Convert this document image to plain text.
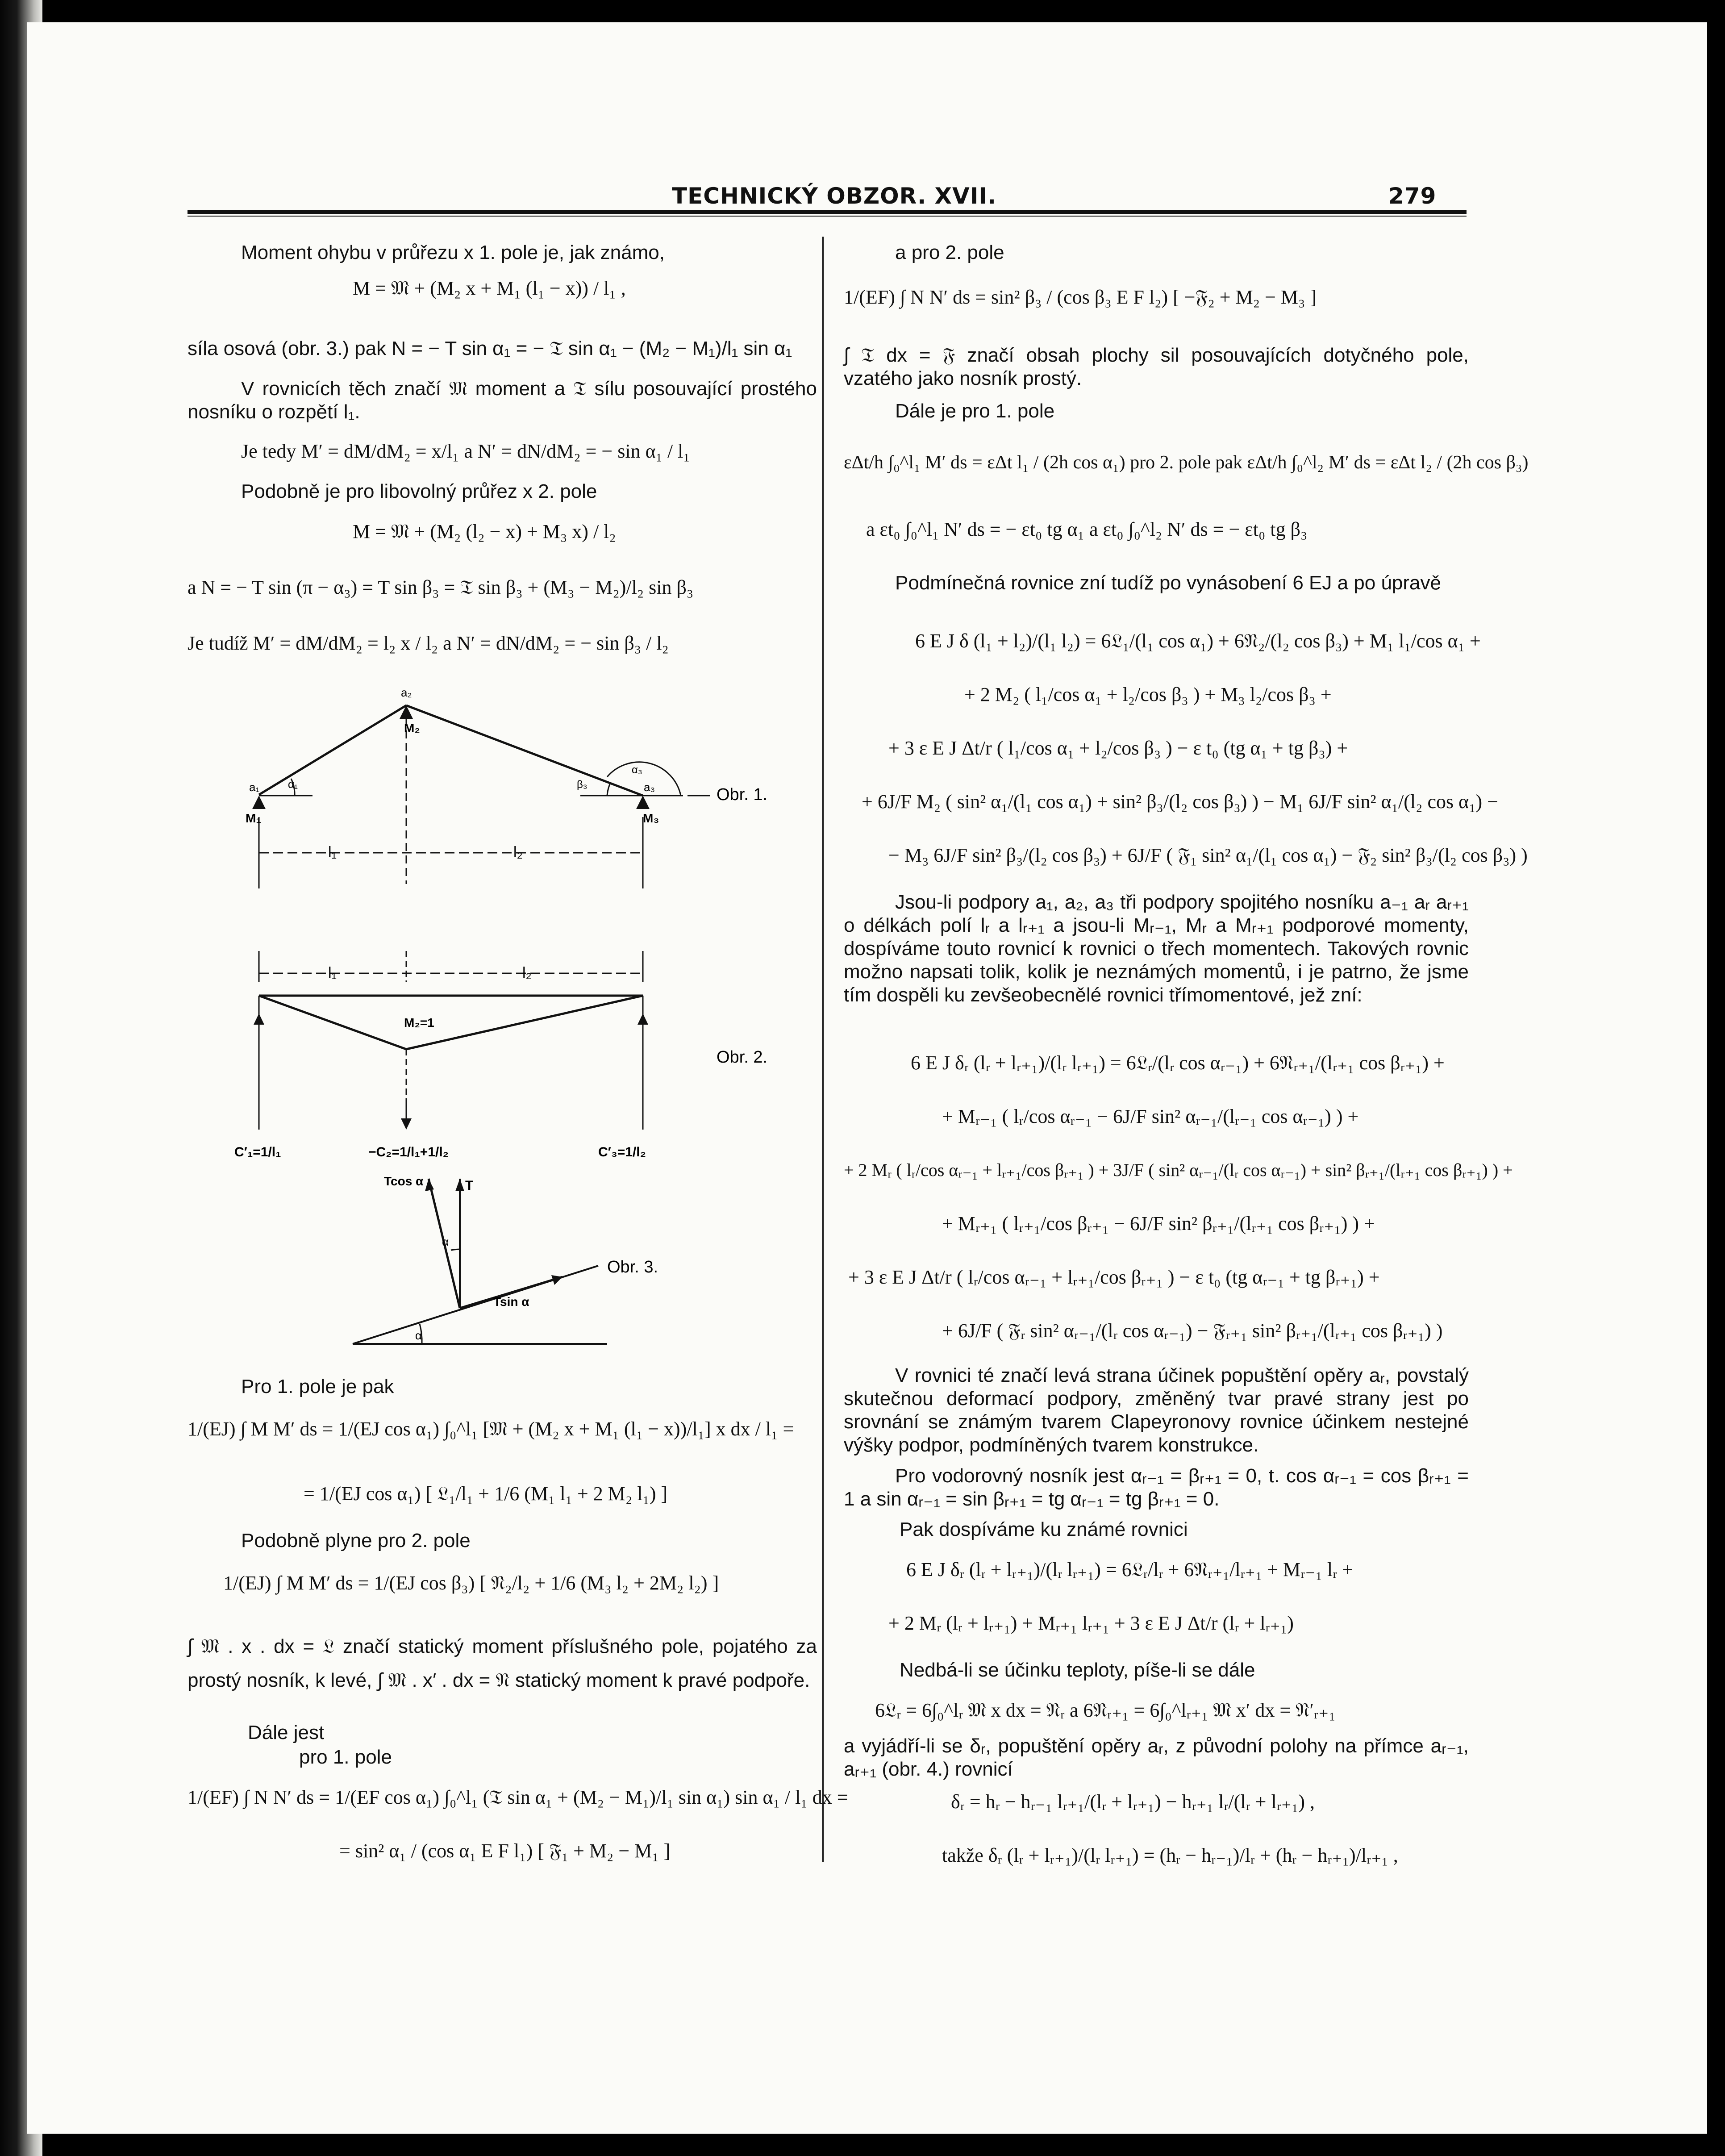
TECHNICKÝ OBZOR. XVII.	279
Moment ohybu v průřezu x 1. pole je, jak známo,
M = 𝔐 + (M₂ x + M₁ (l₁ − x)) / l₁ ,
síla osová (obr. 3.) pak N = − T sin α₁ = − 𝔗 sin α₁ − (M₂ − M₁)/l₁ sin α₁
V rovnicích těch značí 𝔐 moment a 𝔗 sílu posouvající prostého nosníku o rozpětí l₁.
Je tedy M′ = dM/dM₂ = x/l₁ a N′ = dN/dM₂ = − sin α₁ / l₁
Podobně je pro libovolný průřez x 2. pole
M = 𝔐 + (M₂ (l₂ − x) + M₃ x) / l₂
a N = − T sin (π − α₃) = T sin β₃ = 𝔗 sin β₃ + (M₃ − M₂)/l₂ sin β₃
Je tudíž M′ = dM/dM₂ = l₂ x / l₂ a N′ = dN/dM₂ = − sin β₃ / l₂
a₁
M₁
a₂
M₂
a₃
M₃
α₁	β₃
α₃
l₁	l₂
Obr. 1.
l₁	l₂
M₂=1
C′₁=1/l₁	−C₂=1/l₁+1/l₂	C′₃=1/l₂
Obr. 2.
Tcos α	T
Tsin α
α
α
Obr. 3.
Pro 1. pole je pak
1/(EJ) ∫ M M′ ds = 1/(EJ cos α₁) ∫₀^l₁ [𝔐 + (M₂ x + M₁ (l₁ − x))/l₁] x dx / l₁ =
= 1/(EJ cos α₁) [ 𝔏₁/l₁ + 1/6 (M₁ l₁ + 2 M₂ l₁) ]
Podobně plyne pro 2. pole
1/(EJ) ∫ M M′ ds = 1/(EJ cos β₃) [ 𝔑₂/l₂ + 1/6 (M₃ l₂ + 2M₂ l₂) ]
∫ 𝔐 . x . dx = 𝔏 značí statický moment příslušného pole, pojatého za prostý nosník, k levé, ∫ 𝔐 . x′ . dx = 𝔑 statický moment k pravé podpoře.
Dále jest
pro 1. pole
1/(EF) ∫ N N′ ds = 1/(EF cos α₁) ∫₀^l₁ (𝔗 sin α₁ + (M₂ − M₁)/l₁ sin α₁) sin α₁ / l₁ dx =
= sin² α₁ / (cos α₁ E F l₁) [ 𝔉₁ + M₂ − M₁ ]
a pro 2. pole
1/(EF) ∫ N N′ ds = sin² β₃ / (cos β₃ E F l₂) [ −𝔉₂ + M₂ − M₃ ]
∫ 𝔗 dx = 𝔉 značí obsah plochy sil posouvajících dotyčného pole, vzatého jako nosník prostý.
Dále je pro 1. pole
εΔt/h ∫₀^l₁ M′ ds = εΔt l₁ / (2h cos α₁) pro 2. pole pak εΔt/h ∫₀^l₂ M′ ds = εΔt l₂ / (2h cos β₃)
a εt₀ ∫₀^l₁ N′ ds = − εt₀ tg α₁ a εt₀ ∫₀^l₂ N′ ds = − εt₀ tg β₃
Podmínečná rovnice zní tudíž po vynásobení 6 EJ a po úpravě
6 E J δ (l₁ + l₂)/(l₁ l₂) = 6𝔏₁/(l₁ cos α₁) + 6𝔑₂/(l₂ cos β₃) + M₁ l₁/cos α₁ +
+ 2 M₂ ( l₁/cos α₁ + l₂/cos β₃ ) + M₃ l₂/cos β₃ +
+ 3 ε E J Δt/r ( l₁/cos α₁ + l₂/cos β₃ ) − ε t₀ (tg α₁ + tg β₃) +
+ 6J/F M₂ ( sin² α₁/(l₁ cos α₁) + sin² β₃/(l₂ cos β₃) ) − M₁ 6J/F sin² α₁/(l₂ cos α₁) −
− M₃ 6J/F sin² β₃/(l₂ cos β₃) + 6J/F ( 𝔉₁ sin² α₁/(l₁ cos α₁) − 𝔉₂ sin² β₃/(l₂ cos β₃) )
Jsou-li podpory a₁, a₂, a₃ tři podpory spojitého nosníku a₋₁ aᵣ aᵣ₊₁ o délkách polí lᵣ a lᵣ₊₁ a jsou-li Mᵣ₋₁, Mᵣ a Mᵣ₊₁ podporové momenty, dospíváme touto rovnicí k rovnici o třech momentech. Takových rovnic možno napsati tolik, kolik je neznámých momentů, i je patrno, že jsme tím dospěli ku zevšeobecnělé rovnici třímomentové, jež zní:
6 E J δᵣ (lᵣ + lᵣ₊₁)/(lᵣ lᵣ₊₁) = 6𝔏ᵣ/(lᵣ cos αᵣ₋₁) + 6𝔑ᵣ₊₁/(lᵣ₊₁ cos βᵣ₊₁) +
+ Mᵣ₋₁ ( lᵣ/cos αᵣ₋₁ − 6J/F sin² αᵣ₋₁/(lᵣ₋₁ cos αᵣ₋₁) ) +
+ 2 Mᵣ ( lᵣ/cos αᵣ₋₁ + lᵣ₊₁/cos βᵣ₊₁ ) + 3J/F ( sin² αᵣ₋₁/(lᵣ cos αᵣ₋₁) + sin² βᵣ₊₁/(lᵣ₊₁ cos βᵣ₊₁) ) +
+ Mᵣ₊₁ ( lᵣ₊₁/cos βᵣ₊₁ − 6J/F sin² βᵣ₊₁/(lᵣ₊₁ cos βᵣ₊₁) ) +
+ 3 ε E J Δt/r ( lᵣ/cos αᵣ₋₁ + lᵣ₊₁/cos βᵣ₊₁ ) − ε t₀ (tg αᵣ₋₁ + tg βᵣ₊₁) +
+ 6J/F ( 𝔉ᵣ sin² αᵣ₋₁/(lᵣ cos αᵣ₋₁) − 𝔉ᵣ₊₁ sin² βᵣ₊₁/(lᵣ₊₁ cos βᵣ₊₁) )
V rovnici té značí levá strana účinek popuštění opěry aᵣ, povstalý skutečnou deformací podpory, změněný tvar pravé strany jest po srovnání se známým tvarem Clapeyronovy rovnice účinkem nestejné výšky podpor, podmíněných tvarem konstrukce.
Pro vodorovný nosník jest αᵣ₋₁ = βᵣ₊₁ = 0, t. cos αᵣ₋₁ = cos βᵣ₊₁ = 1 a sin αᵣ₋₁ = sin βᵣ₊₁ = tg αᵣ₋₁ = tg βᵣ₊₁ = 0.
Pak dospíváme ku známé rovnici
6 E J δᵣ (lᵣ + lᵣ₊₁)/(lᵣ lᵣ₊₁) = 6𝔏ᵣ/lᵣ + 6𝔑ᵣ₊₁/lᵣ₊₁ + Mᵣ₋₁ lᵣ +
+ 2 Mᵣ (lᵣ + lᵣ₊₁) + Mᵣ₊₁ lᵣ₊₁ + 3 ε E J Δt/r (lᵣ + lᵣ₊₁)
Nedbá-li se účinku teploty, píše-li se dále
6𝔏ᵣ = 6∫₀^lᵣ 𝔐 x dx = 𝔑ᵣ a 6𝔑ᵣ₊₁ = 6∫₀^lᵣ₊₁ 𝔐 x′ dx = 𝔑′ᵣ₊₁
a vyjádří-li se δᵣ, popuštění opěry aᵣ, z původní polohy na přímce aᵣ₋₁, aᵣ₊₁ (obr. 4.) rovnicí
δᵣ = hᵣ − hᵣ₋₁ lᵣ₊₁/(lᵣ + lᵣ₊₁) − hᵣ₊₁ lᵣ/(lᵣ + lᵣ₊₁) ,
takže δᵣ (lᵣ + lᵣ₊₁)/(lᵣ lᵣ₊₁) = (hᵣ − hᵣ₋₁)/lᵣ + (hᵣ − hᵣ₊₁)/lᵣ₊₁ ,
